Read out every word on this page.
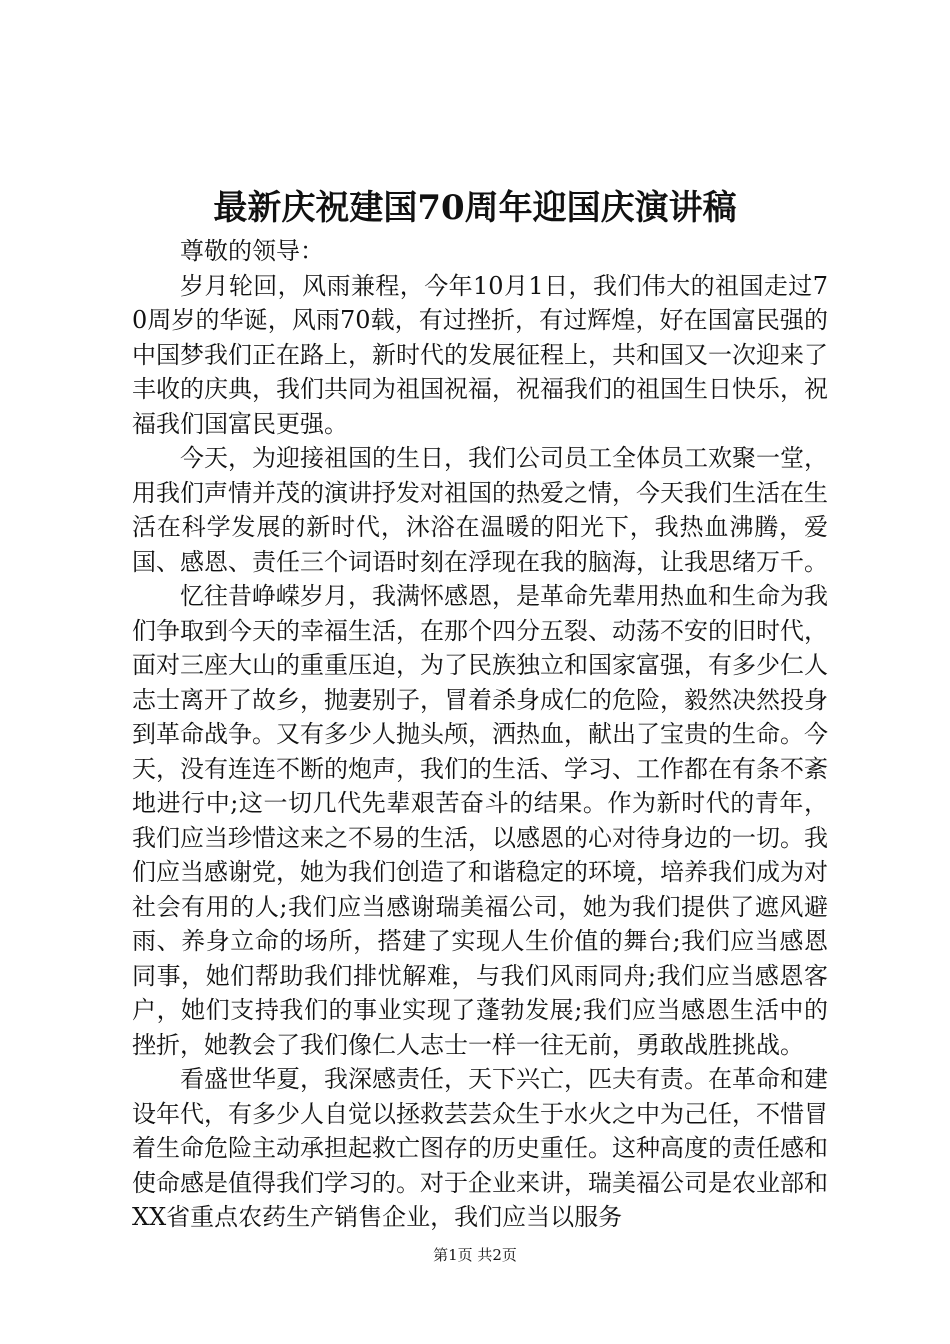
最新庆祝建国70周年迎国庆演讲稿

尊敬的领导：

岁月轮回，风雨兼程，今年10月1日，我们伟大的祖国走过70周岁的华诞，风雨70载，有过挫折，有过辉煌，好在国富民强的中国梦我们正在路上，新时代的发展征程上，共和国又一次迎来了丰收的庆典，我们共同为祖国祝福，祝福我们的祖国生日快乐，祝福我们国富民更强。

今天，为迎接祖国的生日，我们公司员工全体员工欢聚一堂，用我们声情并茂的演讲抒发对祖国的热爱之情，今天我们生活在生活在科学发展的新时代，沐浴在温暖的阳光下，我热血沸腾，爱国、感恩、责任三个词语时刻在浮现在我的脑海，让我思绪万千。

忆往昔峥嵘岁月，我满怀感恩，是革命先辈用热血和生命为我们争取到今天的幸福生活，在那个四分五裂、动荡不安的旧时代，面对三座大山的重重压迫，为了民族独立和国家富强，有多少仁人志士离开了故乡，抛妻别子，冒着杀身成仁的危险，毅然决然投身到革命战争。又有多少人抛头颅，洒热血，献出了宝贵的生命。今天，没有连连不断的炮声，我们的生活、学习、工作都在有条不紊地进行中;这一切几代先辈艰苦奋斗的结果。作为新时代的青年，我们应当珍惜这来之不易的生活，以感恩的心对待身边的一切。我们应当感谢党，她为我们创造了和谐稳定的环境，培养我们成为对社会有用的人;我们应当感谢瑞美福公司，她为我们提供了遮风避雨、养身立命的场所，搭建了实现人生价值的舞台;我们应当感恩同事，她们帮助我们排忧解难，与我们风雨同舟;我们应当感恩客户，她们支持我们的事业实现了蓬勃发展;我们应当感恩生活中的挫折，她教会了我们像仁人志士一样一往无前，勇敢战胜挑战。

看盛世华夏，我深感责任，天下兴亡，匹夫有责。在革命和建设年代，有多少人自觉以拯救芸芸众生于水火之中为己任，不惜冒着生命危险主动承担起救亡图存的历史重任。这种高度的责任感和使命感是值得我们学习的。对于企业来讲，瑞美福公司是农业部和XX省重点农药生产销售企业，我们应当以服务

第1页 共2页
